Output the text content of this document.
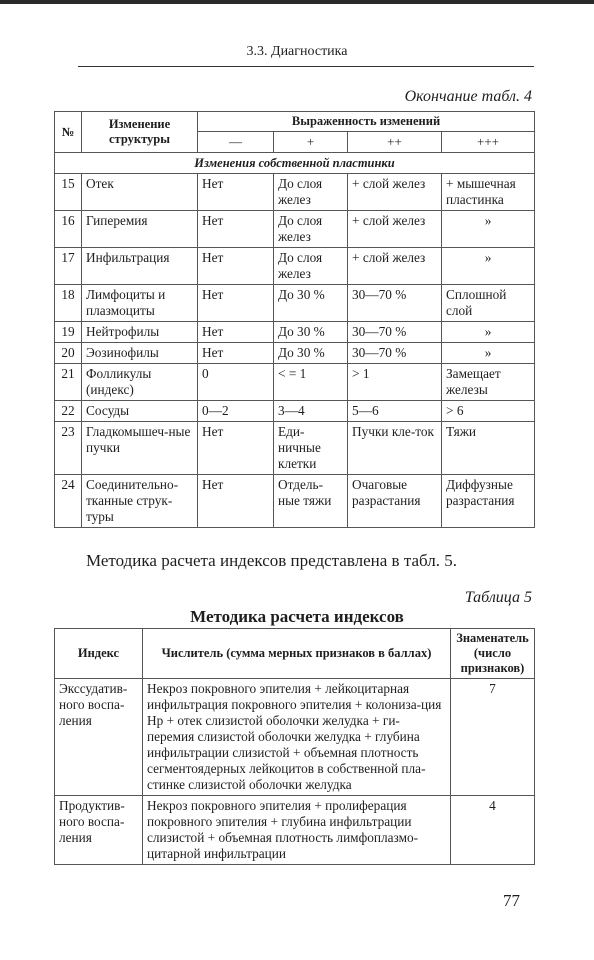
3.3. Диагностика
Окончание табл. 4
№	Изменение структуры	Выраженность изменений			
		—	+	++	+++
Изменения собственной пластинки					
15	Отек	Нет	До слоя желез	+ слой желез	+ мышечная пластинка
16	Гиперемия	Нет	До слоя желез	+ слой желез	»
17	Инфильтрация	Нет	До слоя желез	+ слой желез	»
18	Лимфоциты и плазмоциты	Нет	До 30 %	30—70 %	Сплошной слой
19	Нейтрофилы	Нет	До 30 %	30—70 %	»
20	Эозинофилы	Нет	До 30 %	30—70 %	»
21	Фолликулы (индекс)	0	< = 1	> 1	Замещает железы
22	Сосуды	0—2	3—4	5—6	> 6
23	Гладкомышеч-ные пучки	Нет	Еди-ничные клетки	Пучки кле-ток	Тяжи
24	Соединительно-тканные струк-туры	Нет	Отдель-ные тяжи	Очаговые разрастания	Диффузные разрастания
Методика расчета индексов представлена в табл. 5.
Таблица 5
Методика расчета индексов
Индекс	Числитель (сумма мерных признаков в баллах)	Знаменатель (число признаков)
Экссудатив-ного воспа-ления	Некроз покровного эпителия + лейкоцитарная инфильтрация покровного эпителия + колониза-ция Hp + отек слизистой оболочки желудка + ги-перемия слизистой оболочки желудка + глубина инфильтрации слизистой + объемная плотность сегментоядерных лейкоцитов в собственной пла-стинке слизистой оболочки желудка	7
Продуктив-ного воспа-ления	Некроз покровного эпителия + пролиферация покровного эпителия + глубина инфильтрации слизистой + объемная плотность лимфоплазмо-цитарной инфильтрации	4
77
